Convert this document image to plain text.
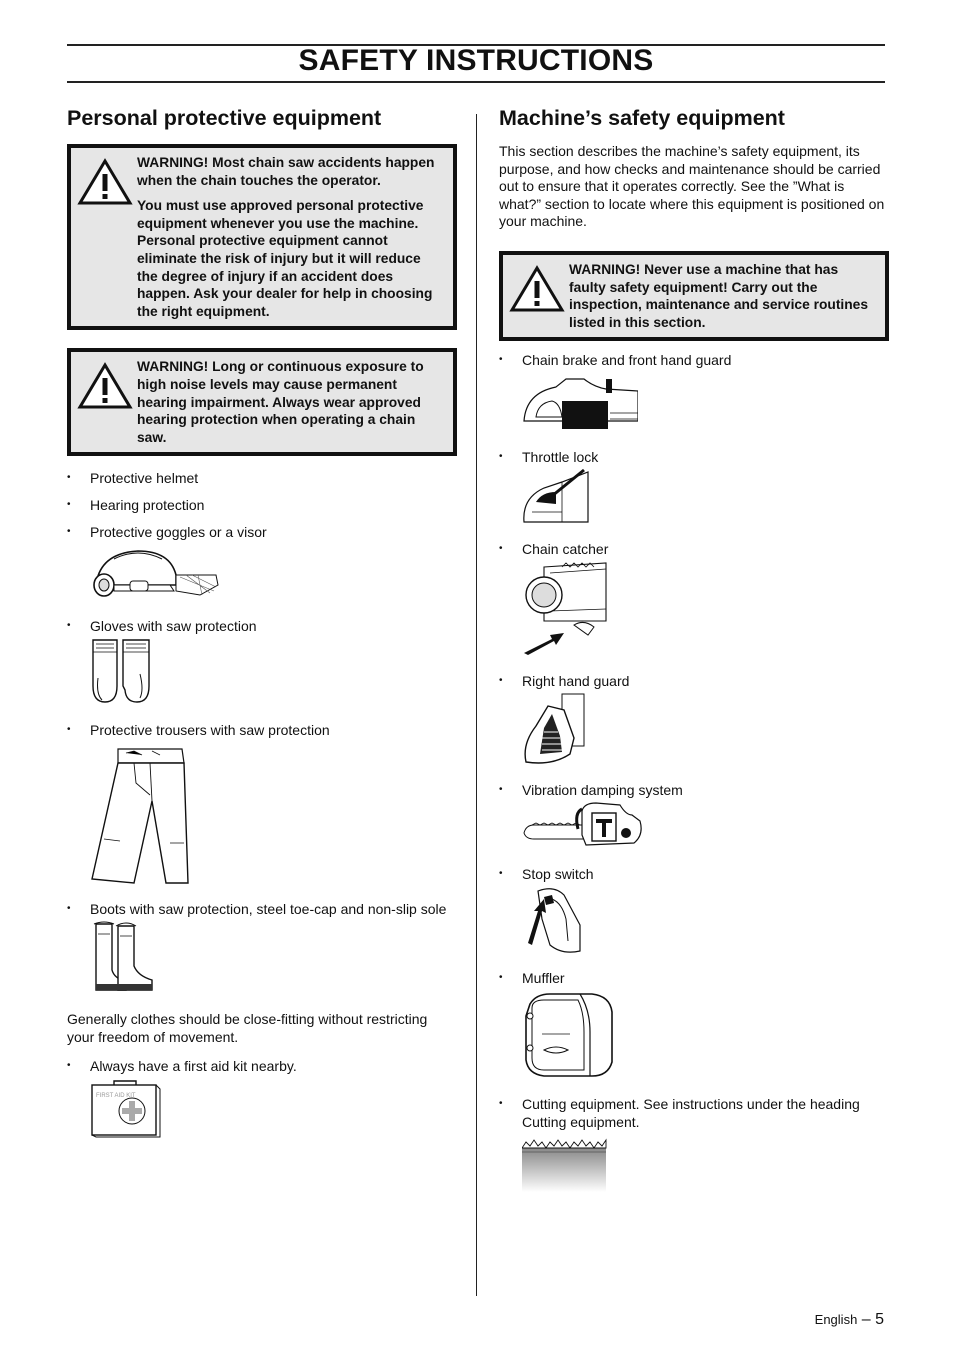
SAFETY INSTRUCTIONS
Personal protective equipment

WARNING! Most chain saw accidents happen when the chain touches the operator.

You must use approved personal protective equipment whenever you use the machine. Personal protective equipment cannot eliminate the risk of injury but it will reduce the degree of injury if an accident does happen. Ask your dealer for help in choosing the right equipment.

WARNING! Long or continuous exposure to high noise levels may cause permanent hearing impairment. Always wear approved hearing protection when operating a chain saw.

• Protective helmet
• Hearing protection
• Protective goggles or a visor
• Gloves with saw protection
• Protective trousers with saw protection
• Boots with saw protection, steel toe-cap and non-slip sole

Generally clothes should be close-fitting without restricting your freedom of movement.

• Always have a first aid kit nearby.
FIRST AID KIT
Machine’s safety equipment

This section describes the machine’s safety equipment, its purpose, and how checks and maintenance should be carried out to ensure that it operates correctly. See the ”What is what?” section to locate where this equipment is positioned on your machine.

WARNING! Never use a machine that has faulty safety equipment! Carry out the inspection, maintenance and service routines listed in this section.

• Chain brake and front hand guard
• Throttle lock
• Chain catcher
• Right hand guard
• Vibration damping system
• Stop switch
• Muffler
• Cutting equipment. See instructions under the heading Cutting equipment.
English – 5
